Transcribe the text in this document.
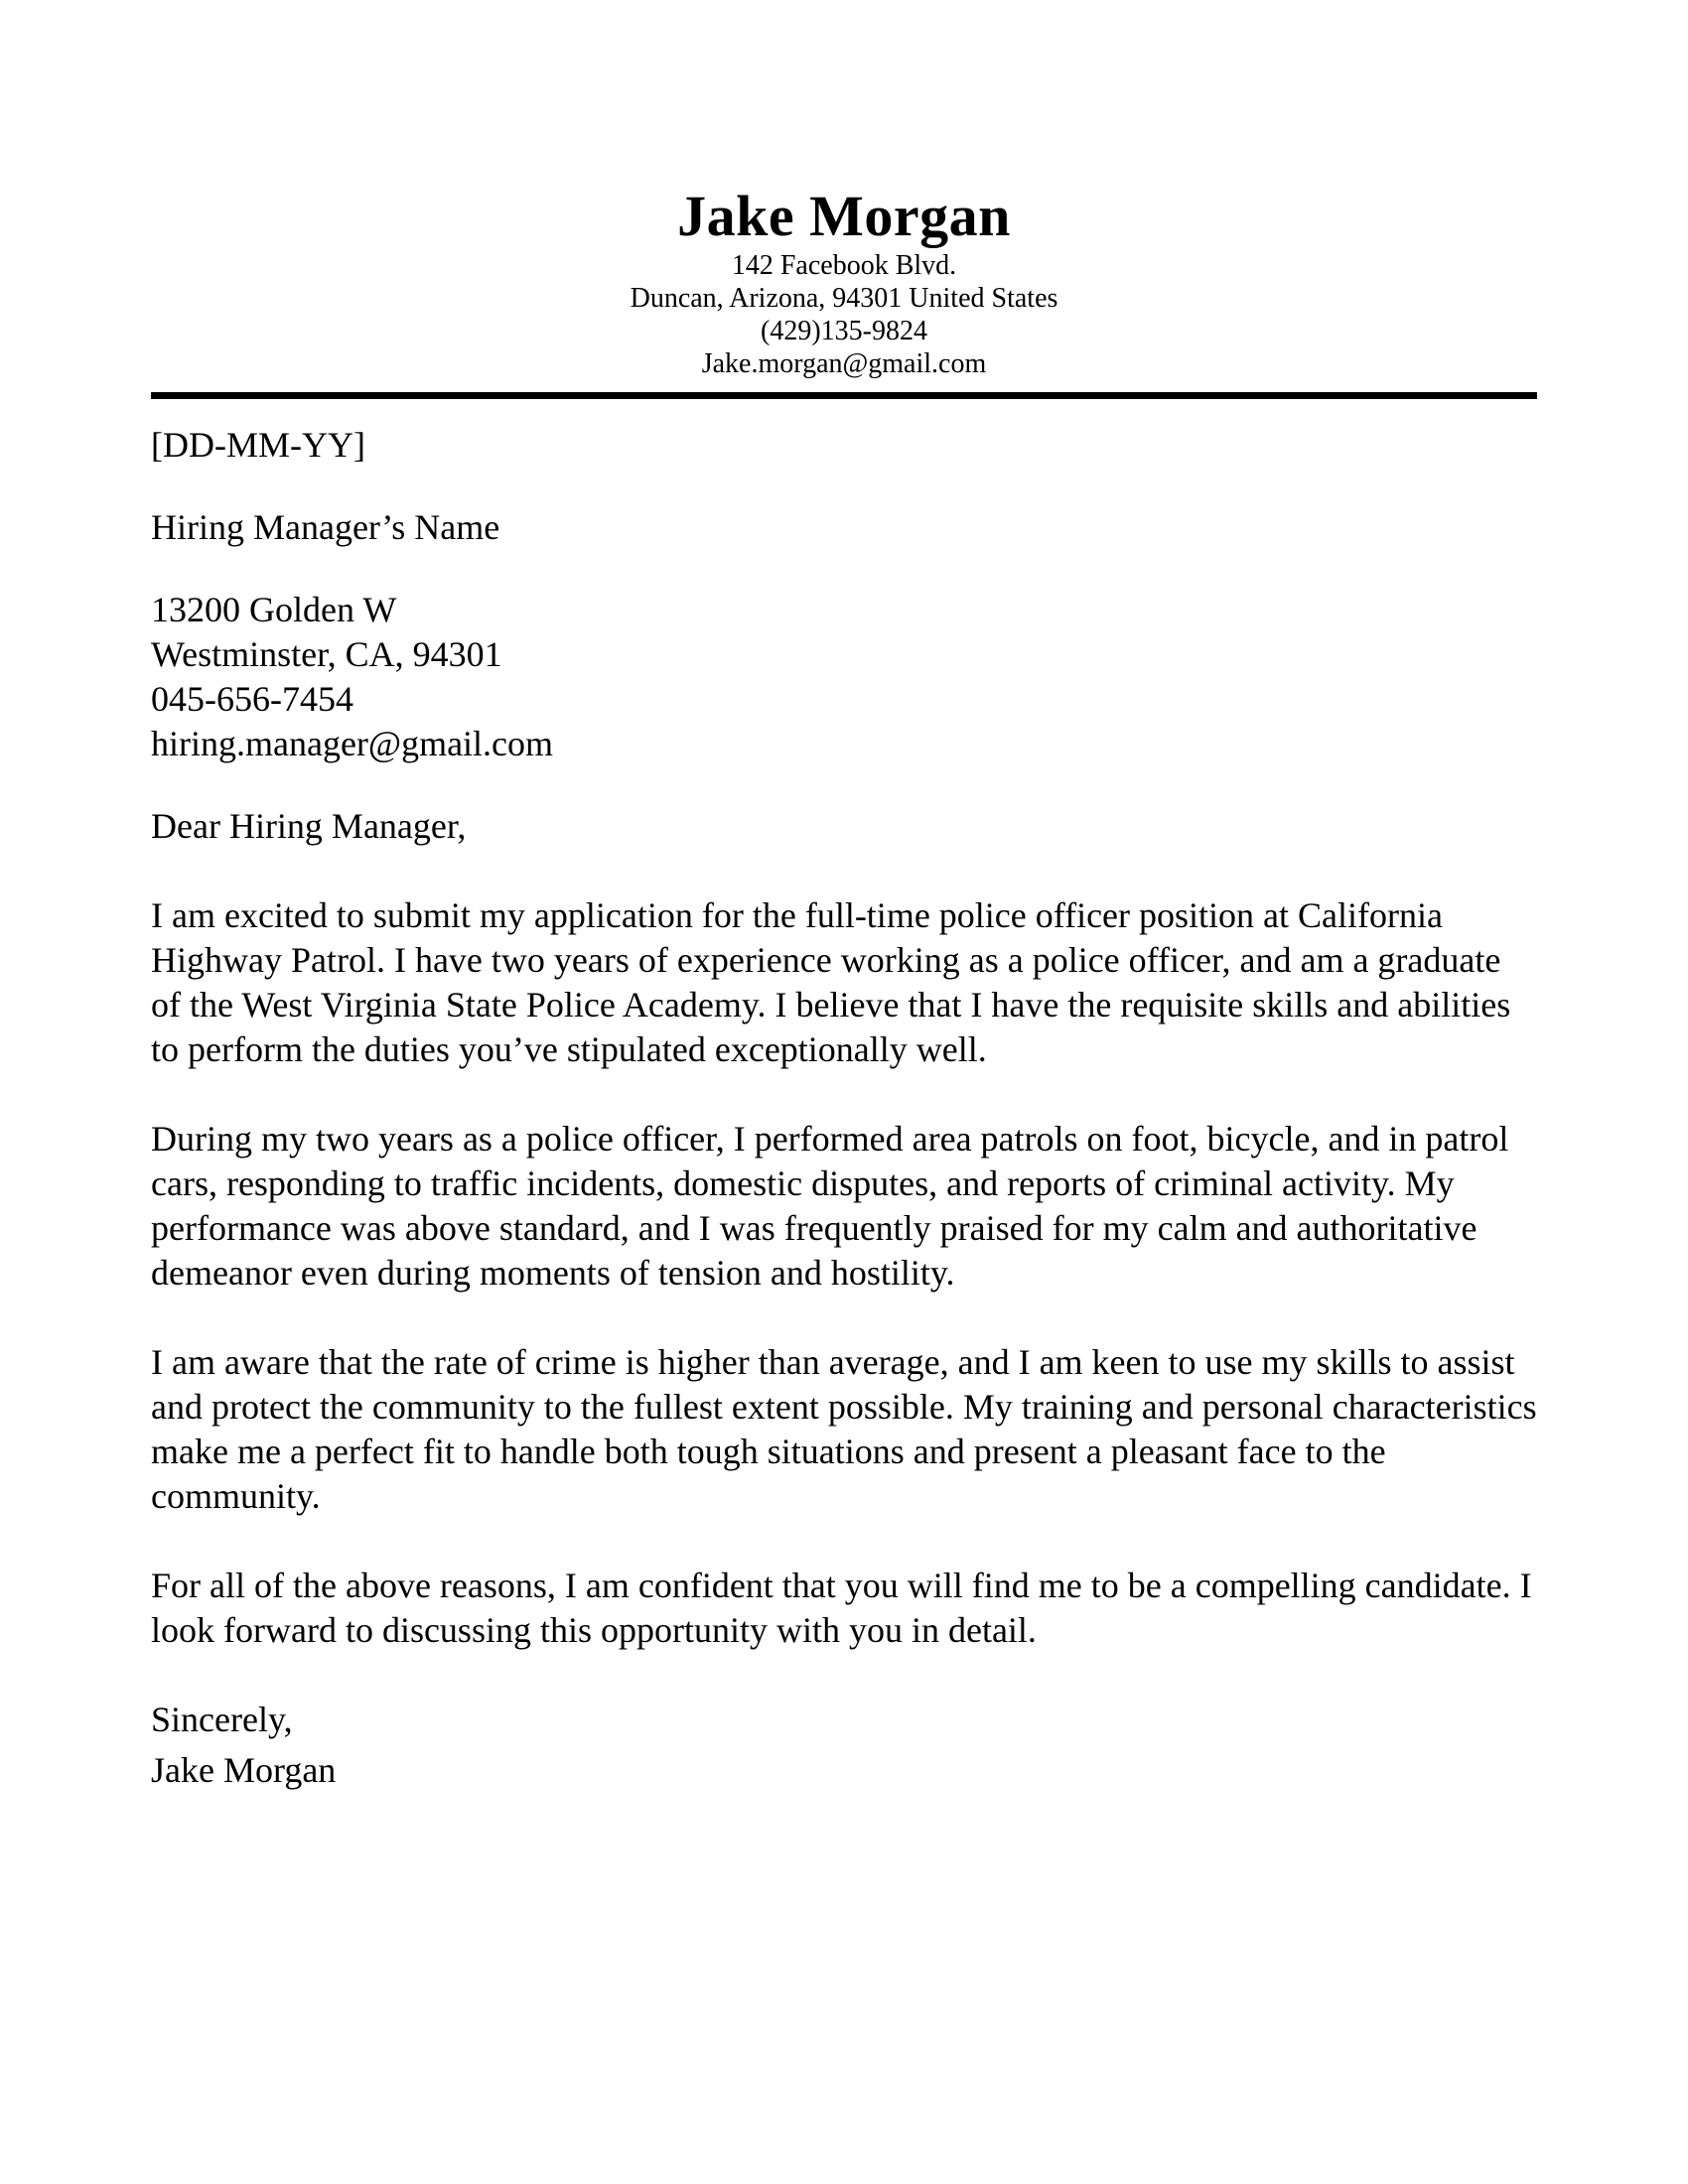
Jake Morgan
142 Facebook Blvd.
Duncan, Arizona, 94301 United States
(429)135-9824
Jake.morgan@gmail.com

[DD-MM-YY]

Hiring Manager’s Name

13200 Golden W
Westminster, CA, 94301
045-656-7454
hiring.manager@gmail.com

Dear Hiring Manager,

I am excited to submit my application for the full-time police officer position at California Highway Patrol. I have two years of experience working as a police officer, and am a graduate of the West Virginia State Police Academy. I believe that I have the requisite skills and abilities to perform the duties you’ve stipulated exceptionally well.

During my two years as a police officer, I performed area patrols on foot, bicycle, and in patrol cars, responding to traffic incidents, domestic disputes, and reports of criminal activity. My performance was above standard, and I was frequently praised for my calm and authoritative demeanor even during moments of tension and hostility.

I am aware that the rate of crime is higher than average, and I am keen to use my skills to assist and protect the community to the fullest extent possible. My training and personal characteristics make me a perfect fit to handle both tough situations and present a pleasant face to the community.

For all of the above reasons, I am confident that you will find me to be a compelling candidate. I look forward to discussing this opportunity with you in detail.

Sincerely,

Jake Morgan
